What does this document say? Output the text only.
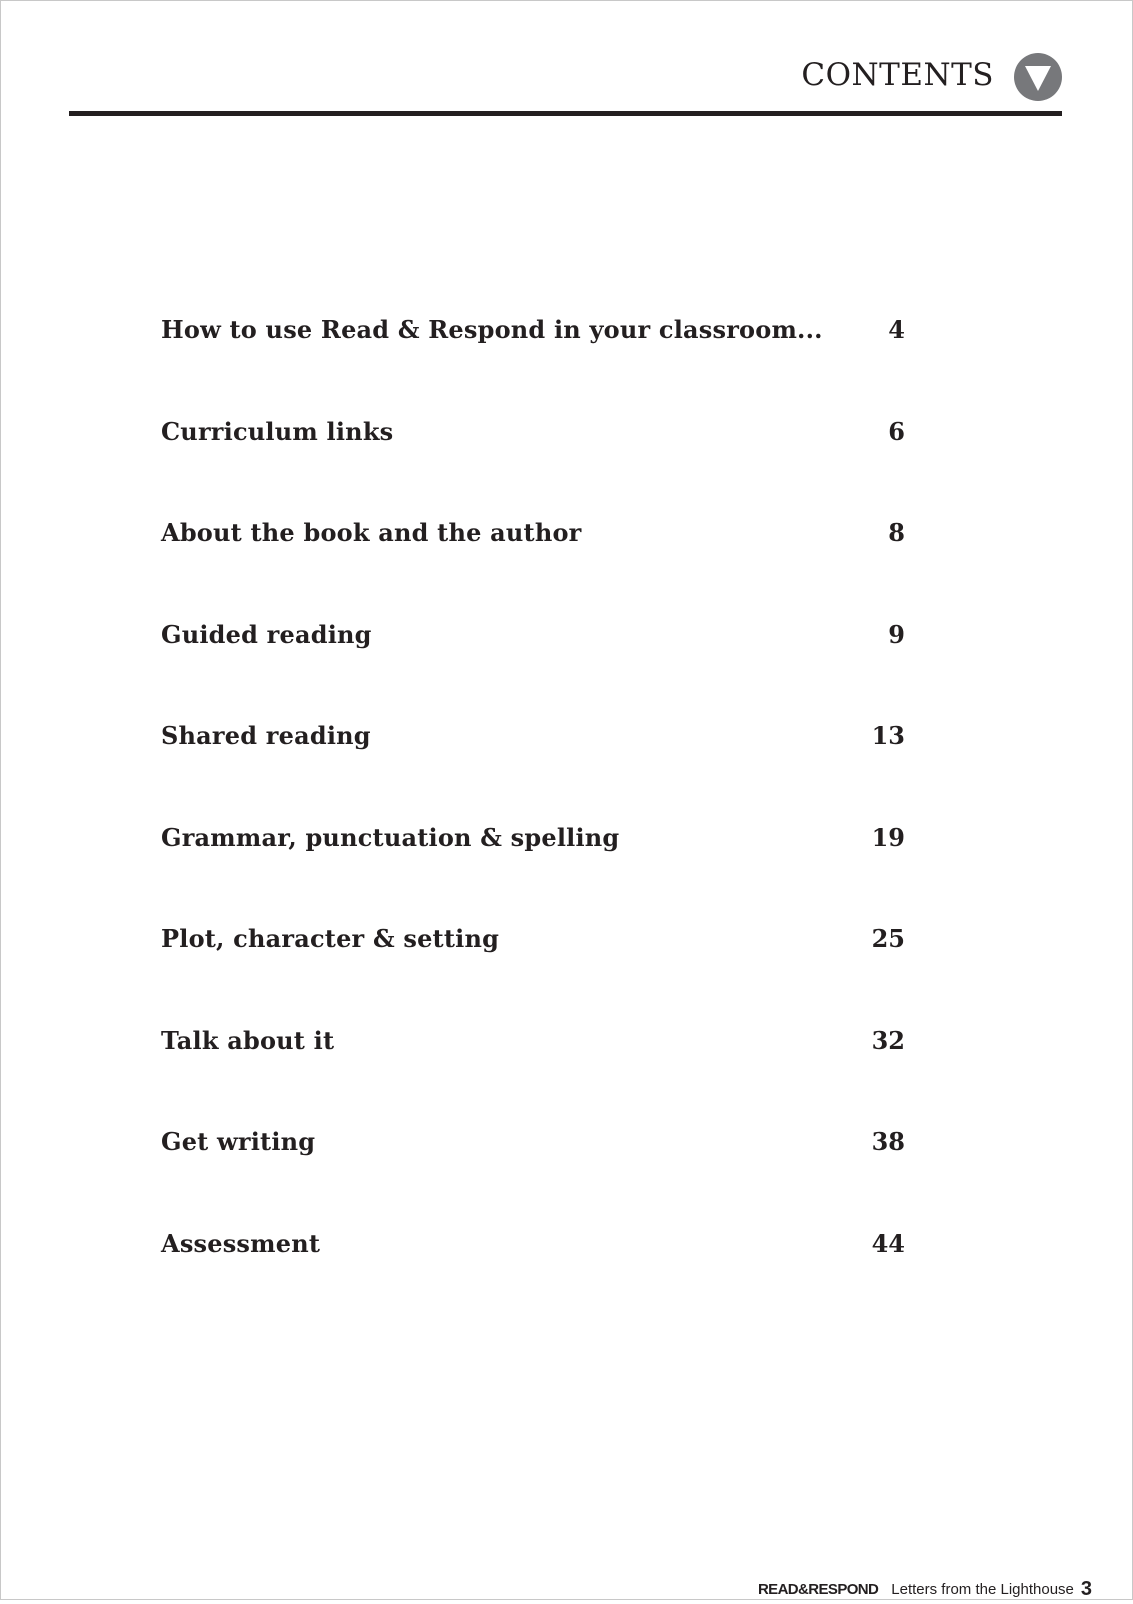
CONTENTS
How to use Read & Respond in your classroom...	4
Curriculum links	6
About the book and the author	8
Guided reading	9
Shared reading	13
Grammar, punctuation & spelling	19
Plot, character & setting	25
Talk about it	32
Get writing	38
Assessment	44
READ&RESPOND Letters from the Lighthouse 3
